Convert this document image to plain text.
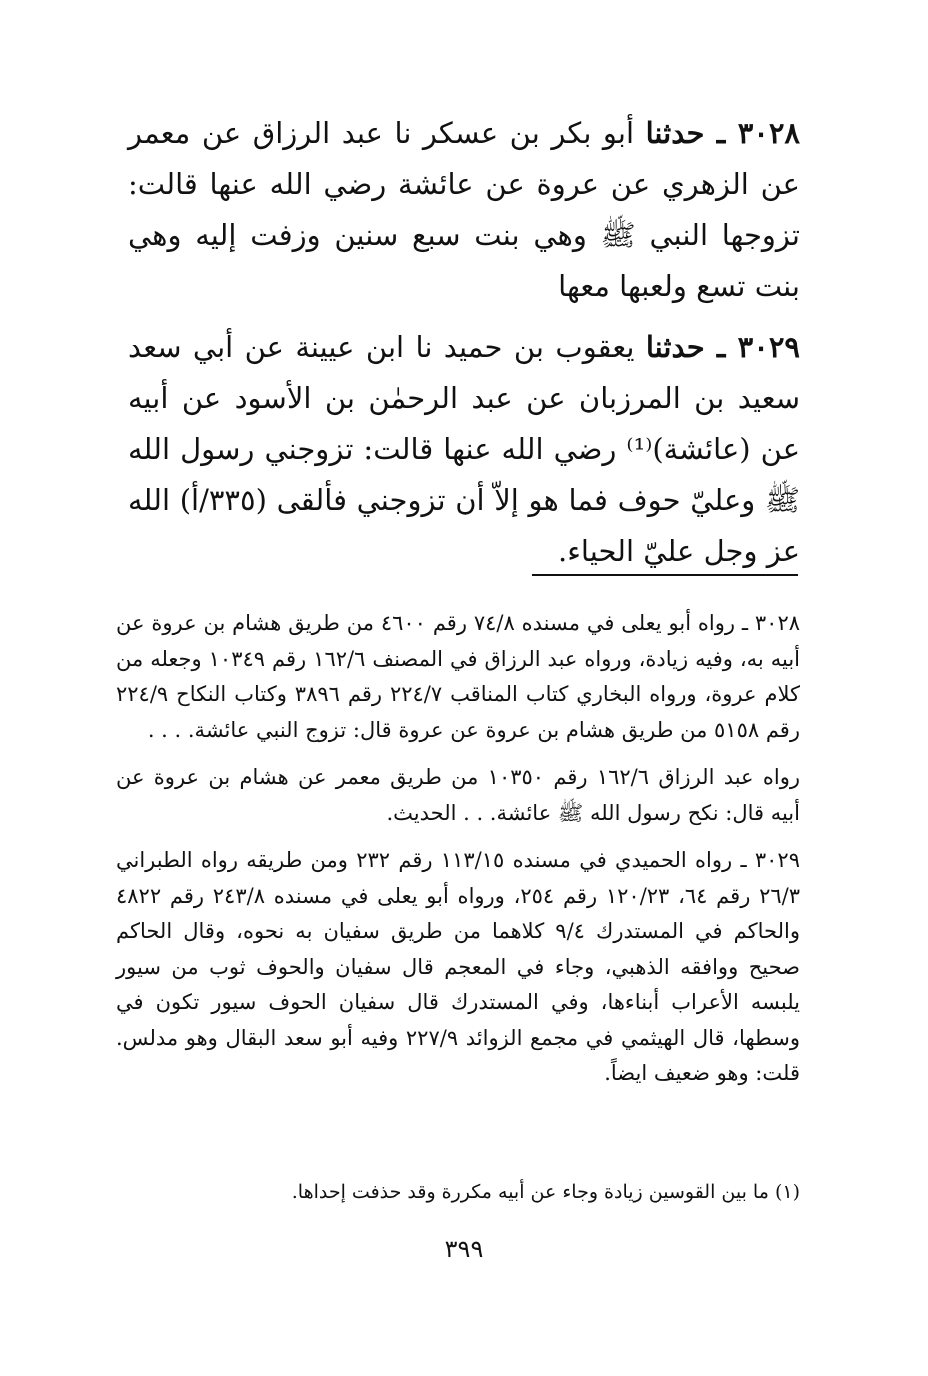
٣٠٢٨ ـ حدثنا أبو بكر بن عسكر نا عبد الرزاق عن معمر عن الزهري عن عروة عن عائشة رضي الله عنها قالت: تزوجها النبي ﷺ وهي بنت سبع سنين وزفت إليه وهي بنت تسع ولعبها معها

٣٠٢٩ ـ حدثنا يعقوب بن حميد نا ابن عيينة عن أبي سعد سعيد بن المرزبان عن عبد الرحمٰن بن الأسود عن أبيه عن (عائشة)⁽¹⁾ رضي الله عنها قالت: تزوجني رسول الله ﷺ وعليّ حوف فما هو إلاّ أن تزوجني فألقى (٣٣٥/أ) الله عز وجل عليّ الحياء.

٣٠٢٨ ـ رواه أبو يعلى في مسنده ٧٤/٨ رقم ٤٦٠٠ من طريق هشام بن عروة عن أبيه به، وفيه زيادة، ورواه عبد الرزاق في المصنف ١٦٢/٦ رقم ١٠٣٤٩ وجعله من كلام عروة، ورواه البخاري كتاب المناقب ٢٢٤/٧ رقم ٣٨٩٦ وكتاب النكاح ٢٢٤/٩ رقم ٥١٥٨ من طريق هشام بن عروة عن عروة قال: تزوج النبي عائشة. . . .

رواه عبد الرزاق ١٦٢/٦ رقم ١٠٣٥٠ من طريق معمر عن هشام بن عروة عن أبيه قال: نكح رسول الله ﷺ عائشة. . . الحديث.

٣٠٢٩ ـ رواه الحميدي في مسنده ١١٣/١٥ رقم ٢٣٢ ومن طريقه رواه الطبراني ٢٦/٣ رقم ٦٤، ١٢٠/٢٣ رقم ٢٥٤، ورواه أبو يعلى في مسنده ٢٤٣/٨ رقم ٤٨٢٢ والحاكم في المستدرك ٩/٤ كلاهما من طريق سفيان به نحوه، وقال الحاكم صحيح ووافقه الذهبي، وجاء في المعجم قال سفيان والحوف ثوب من سيور يلبسه الأعراب أبناءها، وفي المستدرك قال سفيان الحوف سيور تكون في وسطها، قال الهيثمي في مجمع الزوائد ٢٢٧/٩ وفيه أبو سعد البقال وهو مدلس. قلت: وهو ضعيف ايضاً.

(١) ما بين القوسين زيادة وجاء عن أبيه مكررة وقد حذفت إحداها.
٣٩٩
